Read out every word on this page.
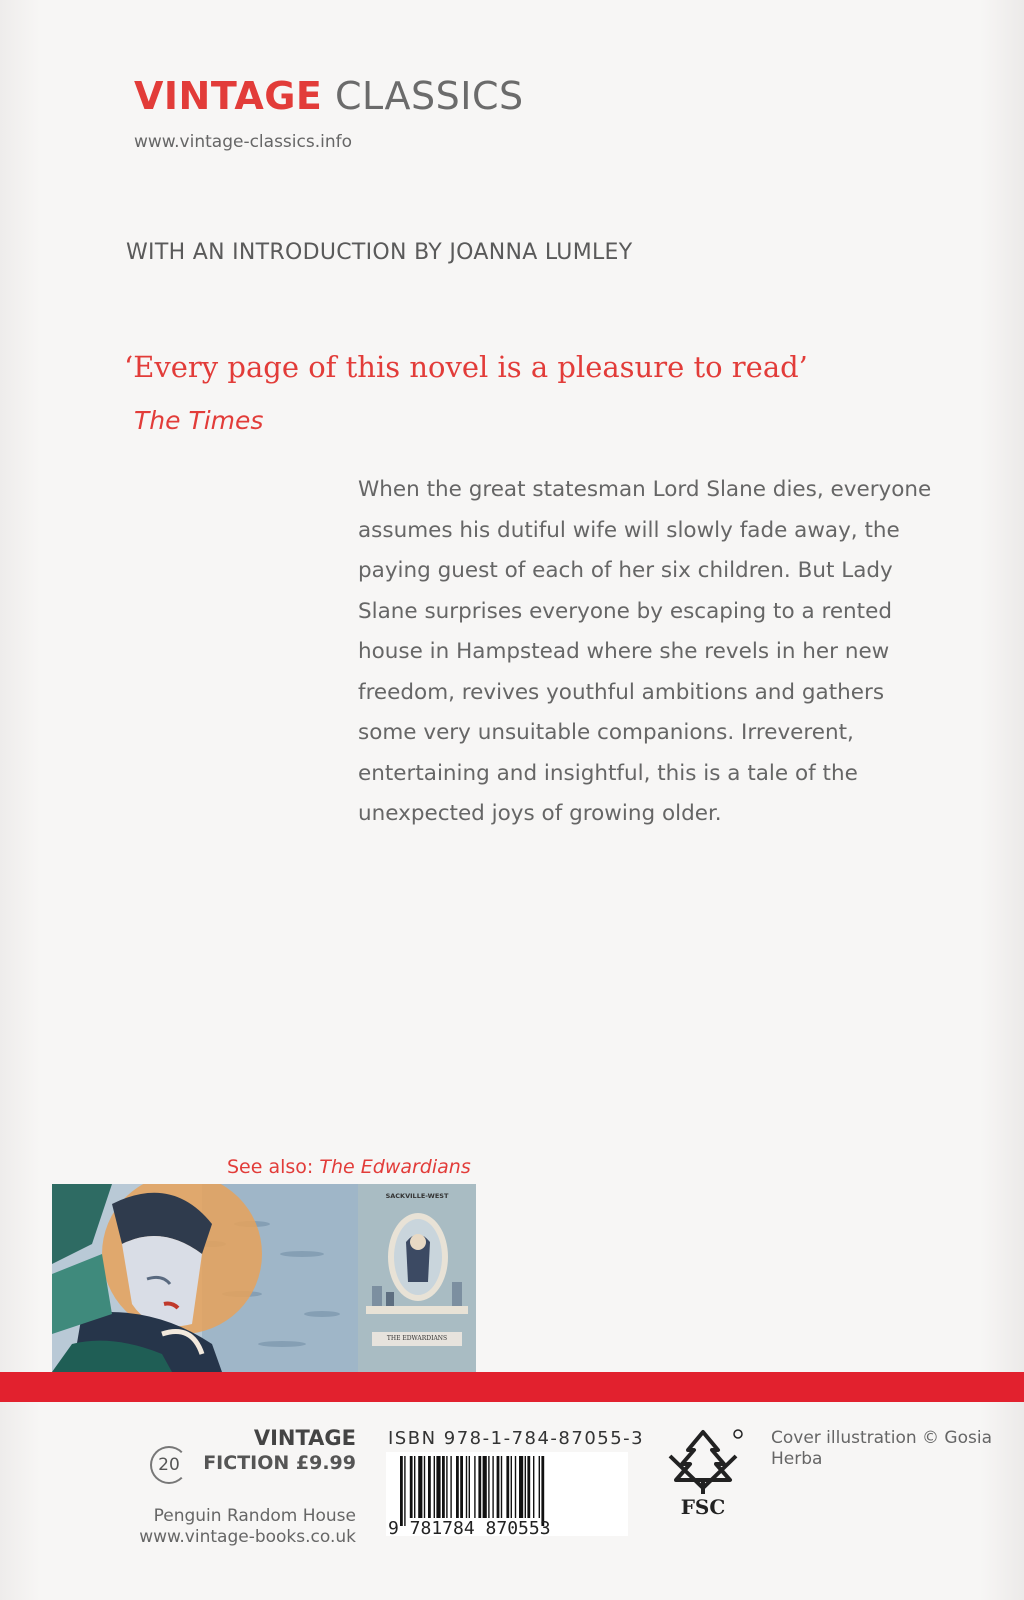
VINTAGE CLASSICS
www.vintage-classics.info
WITH AN INTRODUCTION BY JOANNA LUMLEY
‘Every page of this novel is a pleasure to read’
The Times

When the great statesman Lord Slane dies, everyone assumes his dutiful wife will slowly fade away, the paying guest of each of her six children. But Lady Slane surprises everyone by escaping to a rented house in Hampstead where she revels in her new freedom, revives youthful ambitions and gathers some very unsuitable companions. Irreverent, entertaining and insightful, this is a tale of the unexpected joys of growing older.

See also: The Edwardians
SACKVILLE-WEST
THE EDWARDIANS
20
VINTAGE
FICTION £9.99
Penguin Random House
www.vintage-books.co.uk
ISBN 978-1-784-87055-3
9 781784 870553
FSC
Cover illustration © Gosia Herba
